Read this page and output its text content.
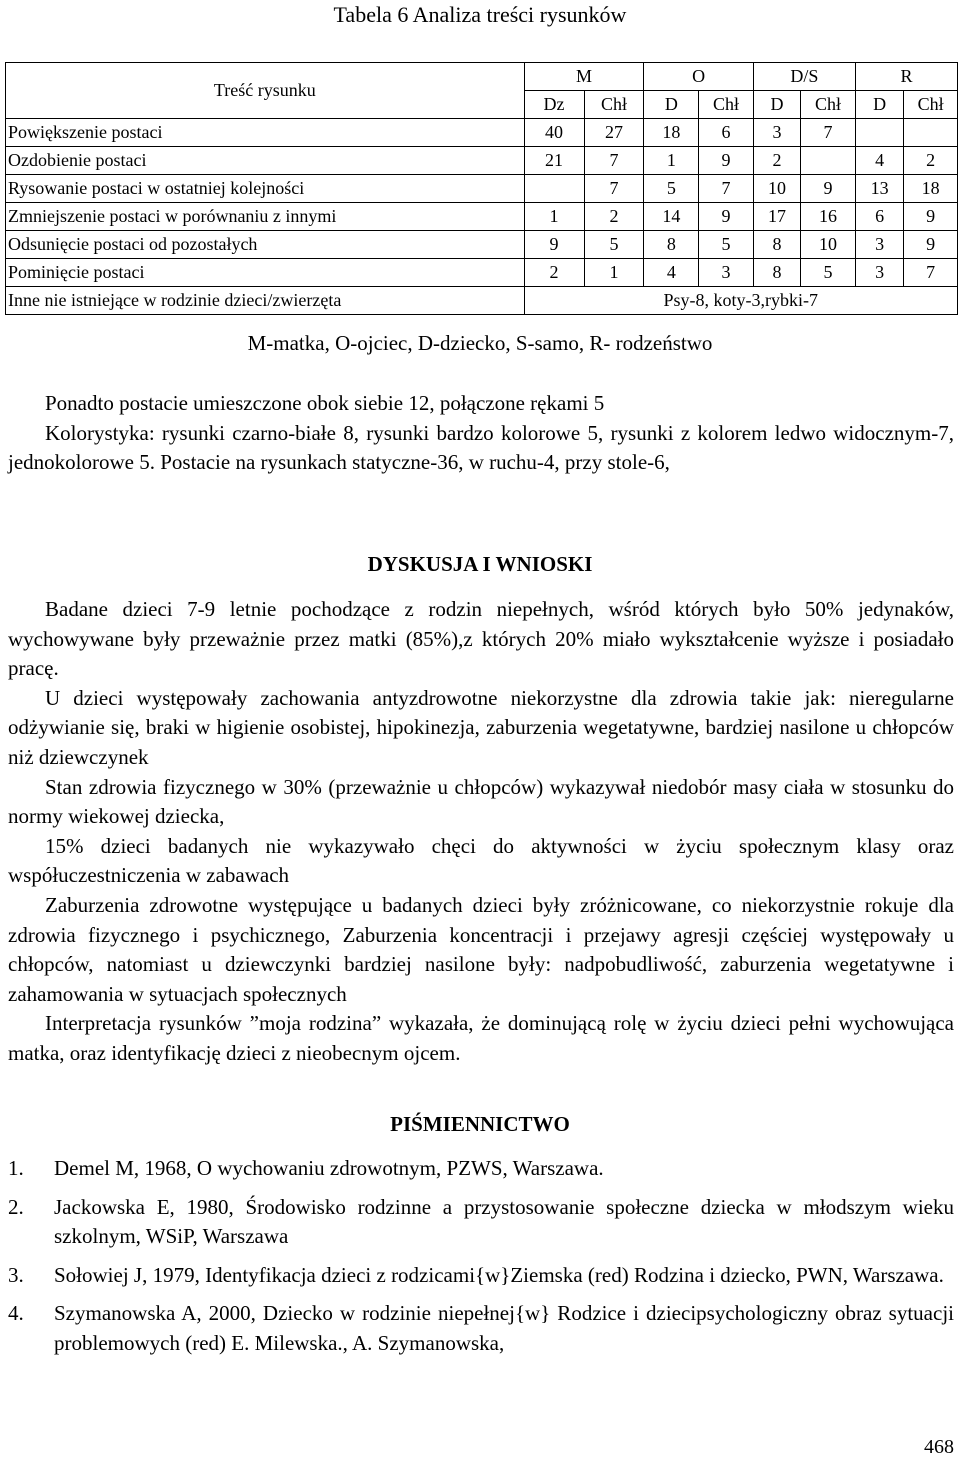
Tabela 6 Analiza treści rysunków
Treść rysunku	M		O		D/S		R	
	Dz	Chł	D	Chł	D	Chł	D	Chł
Powiększenie postaci	40	27	18	6	3	7		
Ozdobienie postaci	21	7	1	9	2		4	2
Rysowanie postaci w ostatniej kolejności		7	5	7	10	9	13	18
Zmniejszenie postaci w porównaniu z innymi	1	2	14	9	17	16	6	9
Odsunięcie postaci od pozostałych	9	5	8	5	8	10	3	9
Pominięcie postaci	2	1	4	3	8	5	3	7
Inne nie istniejące w rodzinie dzieci/zwierzęta	Psy-8, koty-3,rybki-7							
M-matka, O-ojciec, D-dziecko, S-samo, R- rodzeństwo

Ponadto postacie umieszczone obok siebie 12, połączone rękami 5

Kolorystyka: rysunki czarno-białe 8, rysunki bardzo kolorowe 5, rysunki z kolorem ledwo widocznym-7, jednokolorowe 5. Postacie na rysunkach statyczne-36, w ruchu-4, przy stole-6,

DYSKUSJA I WNIOSKI

Badane dzieci 7-9 letnie pochodzące z rodzin niepełnych, wśród których było 50% jedynaków, wychowywane były przeważnie przez matki (85%),z których 20% miało wykształcenie wyższe i posiadało pracę.

U dzieci występowały zachowania antyzdrowotne niekorzystne dla zdrowia takie jak: nieregularne odżywianie się, braki w higienie osobistej, hipokinezja, zaburzenia wegetatywne, bardziej nasilone u chłopców niż dziewczynek

Stan zdrowia fizycznego w 30% (przeważnie u chłopców) wykazywał niedobór masy ciała w stosunku do normy wiekowej dziecka,

15% dzieci badanych nie wykazywało chęci do aktywności w życiu społecznym klasy oraz współuczestniczenia w zabawach

Zaburzenia zdrowotne występujące u badanych dzieci były zróżnicowane, co niekorzystnie rokuje dla zdrowia fizycznego i psychicznego, Zaburzenia koncentracji i przejawy agresji częściej występowały u chłopców, natomiast u dziewczynki bardziej nasilone były: nadpobudliwość, zaburzenia wegetatywne i zahamowania w sytuacjach społecznych

Interpretacja rysunków ”moja rodzina” wykazała, że dominującą rolę w życiu dzieci pełni wychowująca matka, oraz identyfikację dzieci z nieobecnym ojcem.

PIŚMIENNICTWO
1. Demel M, 1968, O wychowaniu zdrowotnym, PZWS, Warszawa.
2. Jackowska E, 1980, Środowisko rodzinne a przystosowanie społeczne dziecka w młodszym wieku szkolnym, WSiP, Warszawa
3. Sołowiej J, 1979, Identyfikacja dzieci z rodzicami{w}Ziemska (red) Rodzina i dziecko, PWN, Warszawa.
4. Szymanowska A, 2000, Dziecko w rodzinie niepełnej{w} Rodzice i dziecipsychologiczny obraz sytuacji problemowych (red) E. Milewska., A. Szymanowska,
468
